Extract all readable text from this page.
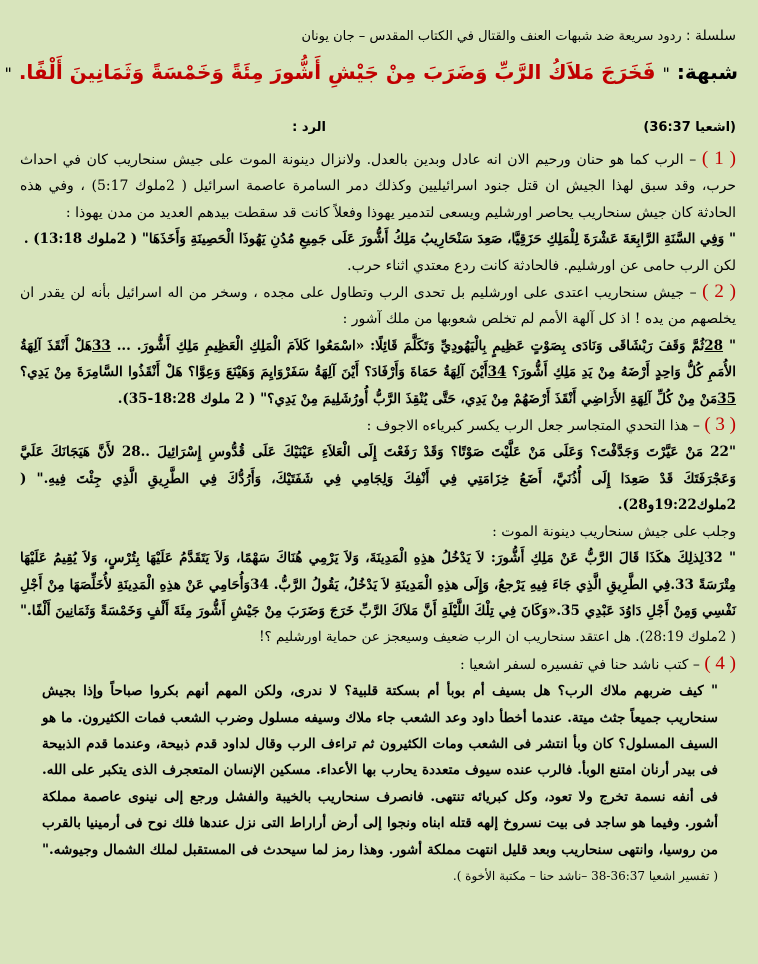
سلسلة : ردود سريعة ضد شبهات العنف والقتال في الكتاب المقدس – جان يونان
شبهة: " فَخَرَجَ مَلاَكُ الرَّبِّ وَضَرَبَ مِنْ جَيْشِ أَشُّورَ مِئَةً وَخَمْسَةً وَثَمَانِينَ أَلْفًا. "
(اشعيا 36:37)
الرد :

( 1 ) – الرب كما هو حنان ورحيم الان انه عادل وبدين بالعدل. ولانزال دينونة الموت على جيش سنحاريب كان في احداث حرب، وقد سبق لهذا الجيش ان قتل جنود اسرائيليين وكذلك دمر السامرة عاصمة اسرائيل ( 2ملوك 5:17) ، وفي هذه الحادثة كان جيش سنحاريب يحاصر اورشليم ويسعى لتدمير يهوذا وفعلاً كانت قد سقطت بيدهم العديد من مدن يهوذا :

" وَفِي السَّنَةِ الرَّابِعَةَ عَشْرَةَ لِلْمَلِكِ حَزَقِيَّا، صَعِدَ سَنْحَارِيبُ مَلِكُ أَشُّورَ عَلَى جَمِيعِ مُدُنِ يَهُوذَا الْحَصِينَةِ وَأَخَذَهَا" ( 2ملوك 13:18) .

لكن الرب حامى عن اورشليم. فالحادثة كانت ردع معتدي اثناء حرب.

( 2 ) – جيش سنحاريب اعتدى على اورشليم بل تحدى الرب وتطاول على مجده ، وسخر من اله اسرائيل بأنه لن يقدر ان يخلصهم من يده ! اذ كل آلهة الأمم لم تخلص شعوبها من ملك آشور :

" 28ثُمَّ وَقَفَ رَبْشَاقَى وَنَادَى بِصَوْتٍ عَظِيمٍ بِالْيَهُودِيِّ وَتَكَلَّمَ قَائِلًا: «اسْمَعُوا كَلاَمَ الْمَلِكِ الْعَظِيمِ مَلِكِ أَشُّورَ. ... 33هَلْ أَنْقَذَ آلِهَةُ الأُمَمِ كُلُّ وَاحِدٍ أَرْضَهُ مِنْ يَدِ مَلِكِ أَشُّورَ؟ 34أَيْنَ آلِهَةُ حَمَاةَ وَأَرْفَادَ؟ أَيْنَ آلِهَةُ سَفَرْوَايِمَ وَهَيْنَعَ وَعِوَّا؟ هَلْ أَنْقَذُوا السَّامِرَةَ مِنْ يَدِي؟ 35مَنْ مِنْ كُلِّ آلِهَةِ الأَرَاضِي أَنْقَذَ أَرْضَهُمْ مِنْ يَدِي، حَتَّى يُنْقِذَ الرَّبُّ أُورُشَلِيمَ مِنْ يَدِي؟" ( 2 ملوك 18:28-35).

( 3 ) – هذا التحدي المتجاسر جعل الرب يكسر كبرياءه الاجوف :

"22 مَنْ عَيَّرْتَ وَجَدَّفْتَ؟ وَعَلَى مَنْ عَلَّيْتَ صَوْتًا؟ وَقَدْ رَفَعْتَ إِلَى الْعَلاَءِ عَيْنَيْكَ عَلَى قُدُّوسِ إِسْرَائِيلَ ..28 لأَنَّ هَيَجَانَكَ عَلَيَّ وَعَجْرَفَتَكَ قَدْ صَعِدَا إِلَى أُذُنَيَّ، أَضَعُ خِزَامَتِي فِي أَنْفِكَ وَلِجَامِي فِي شَفَتَيْكَ، وَأَرُدُّكَ فِي الطَّرِيقِ الَّذِي جِئْتَ فِيهِ." ( 2ملوك19:22و28).

وجلب على جيش سنحاريب دينونة الموت :

" 32لِذلِكَ هكَذَا قَالَ الرَّبُّ عَنْ مَلِكِ أَشُّورَ: لاَ يَدْخُلُ هذِهِ الْمَدِينَةَ، وَلاَ يَرْمِي هُنَاكَ سَهْمًا، وَلاَ يَتَقَدَّمُ عَلَيْهَا بِتُرْسٍ، وَلاَ يُقِيمُ عَلَيْهَا مِتْرَسَةً 33.فِي الطَّرِيقِ الَّذِي جَاءَ فِيهِ يَرْجعُ، وَإِلَى هذِهِ الْمَدِينَةِ لاَ يَدْخُلُ، يَقُولُ الرَّبُّ. 34وَأُحَامِي عَنْ هذِهِ الْمَدِينَةِ لأُخَلِّصَهَا مِنْ أَجْلِ نَفْسِي وَمِنْ أَجْلِ دَاوُدَ عَبْدِي 35.«وَكَانَ فِي تِلْكَ اللَّيْلَةِ أَنَّ مَلاَكَ الرَّبِّ خَرَجَ وَضَرَبَ مِنْ جَيْشِ أَشُّورَ مِئَةَ أَلْفٍ وَخَمْسَةً وَثَمَانِينَ أَلْفًا." ( 2ملوك 28:19). هل اعتقد سنحاريب ان الرب ضعيف وسيعجز عن حماية اورشليم ؟!

( 4 ) – كتب ناشد حنا في تفسيره لسفر اشعيا :

" كيف ضربهم ملاك الرب؟ هل بسيف أم بوبأ أم بسكتة قلبية؟ لا ندرى، ولكن المهم أنهم بكروا صباحاً وإذا بجيش سنحاريب جميعاً جثث ميتة. عندما أخطأ داود وعد الشعب جاء ملاك وسيفه مسلول وضرب الشعب فمات الكثيرون. ما هو السيف المسلول؟ كان وبأ انتشر فى الشعب ومات الكثيرون ثم تراءف الرب وقال لداود قدم ذبيحة، وعندما قدم الذبيحة فى بيدر أرنان امتنع الوبأ. فالرب عنده سيوف متعددة يحارب بها الأعداء. مسكين الإنسان المتعجرف الذى يتكبر على الله. فى أنفه نسمة تخرج ولا تعود، وكل كبريائه تنتهى. فانصرف سنحاريب بالخيبة والفشل ورجع إلى نينوى عاصمة مملكة أشور. وفيما هو ساجد فى بيت نسروخ إلهه قتله ابناه ونجوا إلى أرض أراراط التى نزل عندها فلك نوح فى أرمينيا بالقرب من روسيا، وانتهى سنحاريب وبعد قليل انتهت مملكة أشور. وهذا رمز لما سيحدث فى المستقبل لملك الشمال وجيوشه." ( تفسير اشعيا 36:37-38 –ناشد حنا – مكتبة الأخوة ).
